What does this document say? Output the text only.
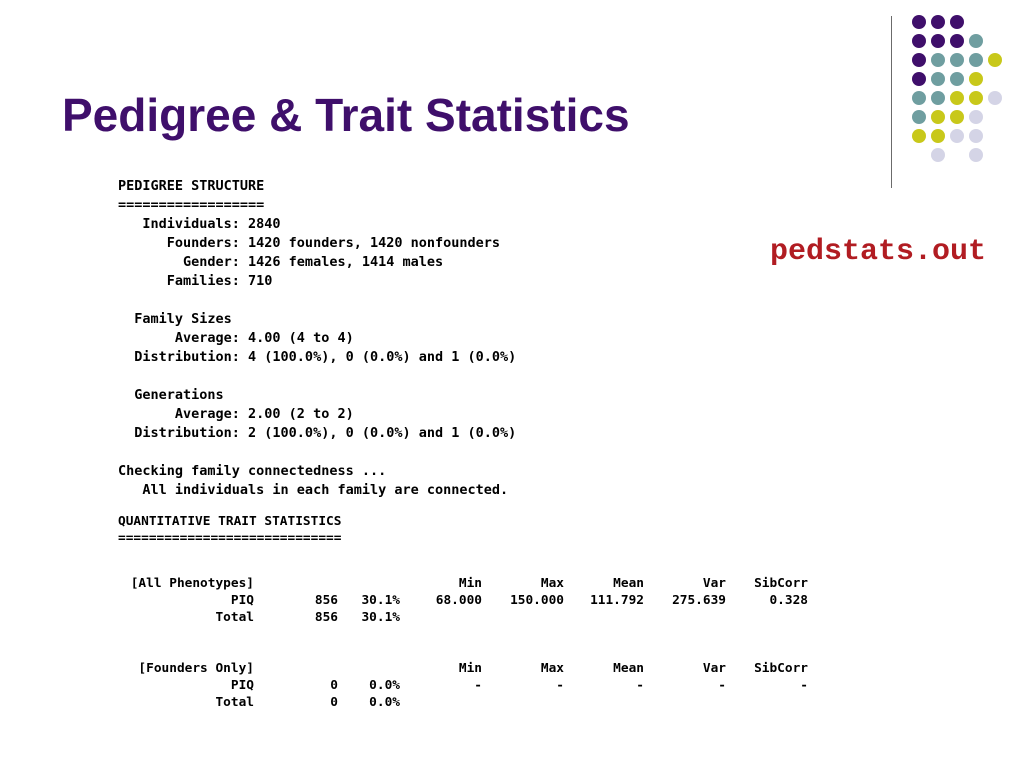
Pedigree & Trait Statistics
pedstats.out
PEDIGREE STRUCTURE
==================
Individuals: 2840
Founders: 1420 founders, 1420 nonfounders
Gender: 1426 females, 1414 males
Families: 710
Family Sizes
Average: 4.00 (4 to 4)
Distribution: 4 (100.0%), 0 (0.0%) and 1 (0.0%)
Generations
Average: 2.00 (2 to 2)
Distribution: 2 (100.0%), 0 (0.0%) and 1 (0.0%)
Checking family connectedness ...
All individuals in each family are connected.
QUANTITATIVE TRAIT STATISTICS
=============================
[All Phenotypes]			Min	Max	Mean	Var	SibCorr
PIQ	856	30.1%	68.000	150.000	111.792	275.639	0.328
Total	856	30.1%					
[Founders Only]			Min	Max	Mean	Var	SibCorr
PIQ	0	0.0%	-	-	-	-	-
Total	0	0.0%					
